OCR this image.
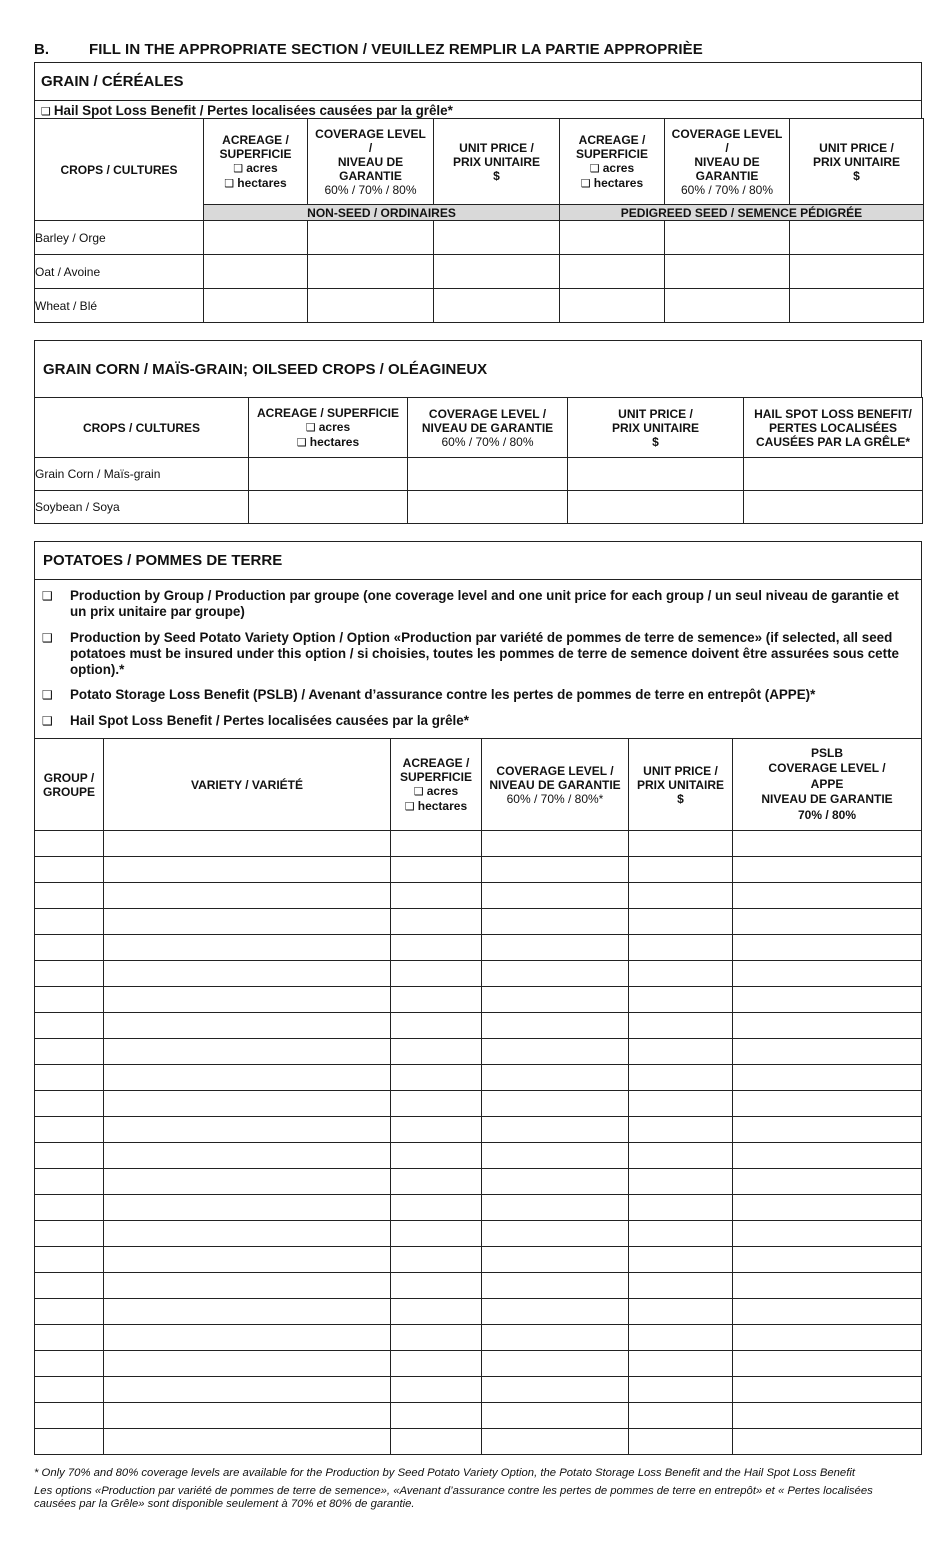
B.	FILL IN THE APPROPRIATE SECTION / VEUILLEZ REMPLIR LA PARTIE APPROPRIÈE
GRAIN / CÉRÉALES
❑ Hail Spot Loss Benefit / Pertes localisées causées par la grêle*
CROPS / CULTURES	ACREAGE /
SUPERFICIE
❑ acres
❑ hectares	COVERAGE LEVEL
/
NIVEAU DE
GARANTIE
60% / 70% / 80%	UNIT PRICE /
PRIX UNITAIRE
$	ACREAGE /
SUPERFICIE
❑ acres
❑ hectares	COVERAGE LEVEL
/
NIVEAU DE
GARANTIE
60% / 70% / 80%	UNIT PRICE /
PRIX UNITAIRE
$
	NON-SEED / ORDINAIRES			PEDIGREED SEED / SEMENCE PÉDIGRÉE		
Barley / Orge						
Oat / Avoine						
Wheat / Blé						
GRAIN CORN / MAÏS-GRAIN; OILSEED CROPS / OLÉAGINEUX
CROPS / CULTURES	ACREAGE / SUPERFICIE
❑ acres
❑ hectares	COVERAGE LEVEL /
NIVEAU DE GARANTIE
60% / 70% / 80%	UNIT PRICE /
PRIX UNITAIRE
$	HAIL SPOT LOSS BENEFIT/
PERTES LOCALISÉES
CAUSÉES PAR LA GRÊLE*
Grain Corn / Maïs-grain				
Soybean / Soya				
POTATOES / POMMES DE TERRE
❑ Production by Group / Production par groupe (one coverage level and one unit price for each group / un seul niveau de garantie et un prix unitaire par groupe)
❑ Production by Seed Potato Variety Option / Option «Production par variété de pommes de terre de semence» (if selected, all seed potatoes must be insured under this option / si choisies, toutes les pommes de terre de semence doivent être assurées sous cette option).*
❑ Potato Storage Loss Benefit (PSLB) / Avenant d’assurance contre les pertes de pommes de terre en entrepôt (APPE)*
❑ Hail Spot Loss Benefit / Pertes localisées causées par la grêle*
GROUP /
GROUPE	VARIETY / VARIÉTÉ	ACREAGE /
SUPERFICIE
❑ acres
❑ hectares	COVERAGE LEVEL /
NIVEAU DE GARANTIE
60% / 70% / 80%*	UNIT PRICE /
PRIX UNITAIRE
$	PSLB
COVERAGE LEVEL /
APPE
NIVEAU DE GARANTIE
70% / 80%

* Only 70% and 80% coverage levels are available for the Production by Seed Potato Variety Option, the Potato Storage Loss Benefit and the Hail Spot Loss Benefit
Les options «Production par variété de pommes de terre de semence», «Avenant d’assurance contre les pertes de pommes de terre en entrepôt» et « Pertes localisées causées par la Grêle» sont disponible seulement à 70% et 80% de garantie.
